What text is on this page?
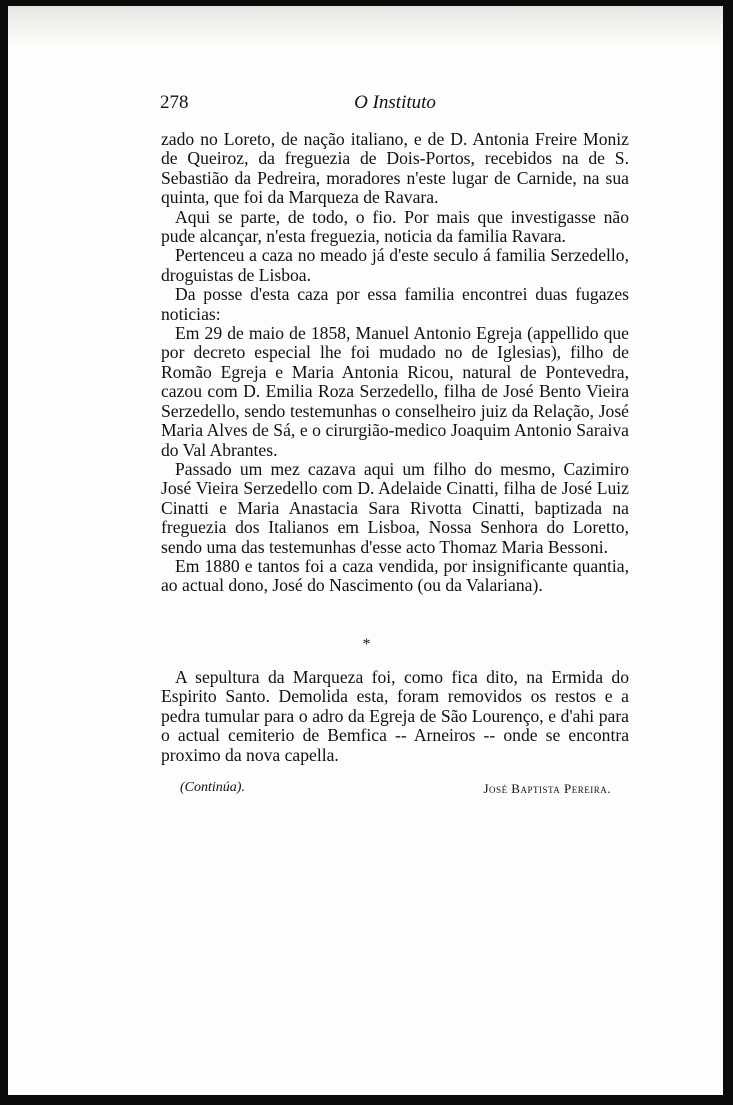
278	O Instituto

zado no Loreto, de nação italiano, e de D. Antonia Freire Moniz de Queiroz, da freguezia de Dois-Portos, recebidos na de S. Sebastião da Pedreira, moradores n'este lugar de Carnide, na sua quinta, que foi da Marqueza de Ravara.

Aqui se parte, de todo, o fio. Por mais que investigasse não pude alcançar, n'esta freguezia, noticia da familia Ravara.

Pertenceu a caza no meado já d'este seculo á familia Serzedello, droguistas de Lisboa.

Da posse d'esta caza por essa familia encontrei duas fugazes noticias:

Em 29 de maio de 1858, Manuel Antonio Egreja (appellido que por decreto especial lhe foi mudado no de Iglesias), filho de Romão Egreja e Maria Antonia Ricou, natural de Pontevedra, cazou com D. Emilia Roza Serzedello, filha de José Bento Vieira Serzedello, sendo testemunhas o conselheiro juiz da Relação, José Maria Alves de Sá, e o cirurgião-medico Joaquim Antonio Saraiva do Val Abrantes.

Passado um mez cazava aqui um filho do mesmo, Cazimiro José Vieira Serzedello com D. Adelaide Cinatti, filha de José Luiz Cinatti e Maria Anastacia Sara Rivotta Cinatti, baptizada na freguezia dos Italianos em Lisboa, Nossa Senhora do Loretto, sendo uma das testemunhas d'esse acto Thomaz Maria Bessoni.

Em 1880 e tantos foi a caza vendida, por insignificante quantia, ao actual dono, José do Nascimento (ou da Valariana).

*

A sepultura da Marqueza foi, como fica dito, na Ermida do Espirito Santo. Demolida esta, foram removidos os restos e a pedra tumular para o adro da Egreja de São Lourenço, e d'ahi para o actual cemiterio de Bemfica -- Arneiros -- onde se encontra proximo da nova capella.

(Continúa).	José Baptista Pereira.
